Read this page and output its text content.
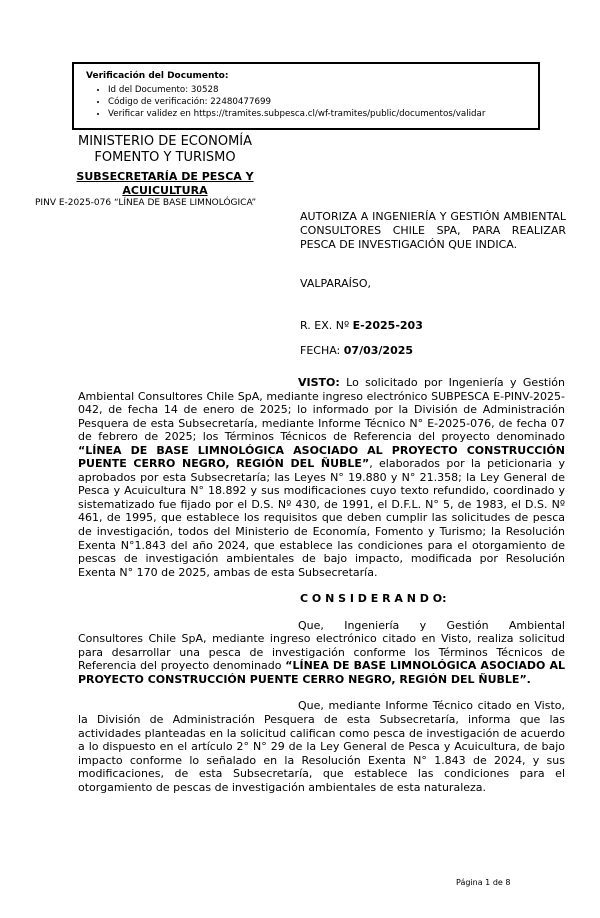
Verificación del Documento:
• Id del Documento: 30528
• Código de verificación: 22480477699
• Verificar validez en https://tramites.subpesca.cl/wf-tramites/public/documentos/validar
MINISTERIO DE ECONOMÍA
FOMENTO Y TURISMO
SUBSECRETARÍA DE PESCA Y ACUICULTURA
PINV E-2025-076 “LÍNEA DE BASE LIMNOLÓGICA”
AUTORIZA A INGENIERÍA Y GESTIÓN AMBIENTAL CONSULTORES CHILE SPA, PARA REALIZAR PESCA DE INVESTIGACIÓN QUE INDICA.
VALPARAÍSO,
R. EX. Nº E-2025-203
FECHA: 07/03/2025

VISTO: Lo solicitado por Ingeniería y Gestión Ambiental Consultores Chile SpA, mediante ingreso electrónico SUBPESCA E-PINV-2025-042, de fecha 14 de enero de 2025; lo informado por la División de Administración Pesquera de esta Subsecretaría, mediante Informe Técnico N° E-2025-076, de fecha 07 de febrero de 2025; los Términos Técnicos de Referencia del proyecto denominado “LÍNEA DE BASE LIMNOLÓGICA ASOCIADO AL PROYECTO CONSTRUCCIÓN PUENTE CERRO NEGRO, REGIÓN DEL ÑUBLE”, elaborados por la peticionaria y aprobados por esta Subsecretaría; las Leyes N° 19.880 y N° 21.358; la Ley General de Pesca y Acuicultura N° 18.892 y sus modificaciones cuyo texto refundido, coordinado y sistematizado fue fijado por el D.S. Nº 430, de 1991, el D.F.L. N° 5, de 1983, el D.S. Nº 461, de 1995, que establece los requisitos que deben cumplir las solicitudes de pesca de investigación, todos del Ministerio de Economía, Fomento y Turismo; la Resolución Exenta N°1.843 del año 2024, que establece las condiciones para el otorgamiento de pescas de investigación ambientales de bajo impacto, modificada por Resolución Exenta N° 170 de 2025, ambas de esta Subsecretaría.

C O N S I D E R A N D O:

Que, Ingeniería y Gestión Ambiental Consultores Chile SpA, mediante ingreso electrónico citado en Visto, realiza solicitud para desarrollar una pesca de investigación conforme los Términos Técnicos de Referencia del proyecto denominado “LÍNEA DE BASE LIMNOLÓGICA ASOCIADO AL PROYECTO CONSTRUCCIÓN PUENTE CERRO NEGRO, REGIÓN DEL ÑUBLE”.

Que, mediante Informe Técnico citado en Visto, la División de Administración Pesquera de esta Subsecretaría, informa que las actividades planteadas en la solicitud califican como pesca de investigación de acuerdo a lo dispuesto en el artículo 2° N° 29 de la Ley General de Pesca y Acuicultura, de bajo impacto conforme lo señalado en la Resolución Exenta N° 1.843 de 2024, y sus modificaciones, de esta Subsecretaría, que establece las condiciones para el otorgamiento de pescas de investigación ambientales de esta naturaleza.

Página 1 de 8
